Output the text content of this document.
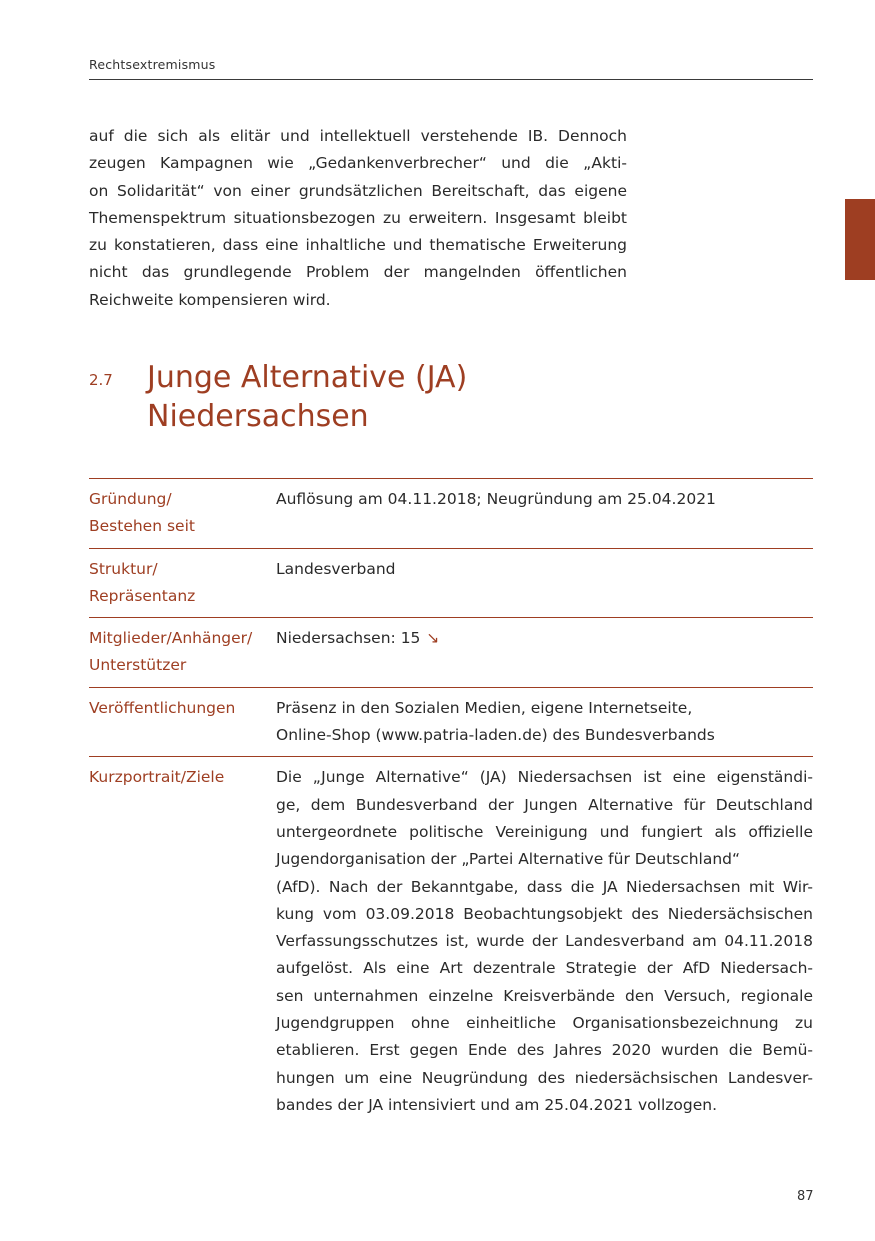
Rechtsextremismus
auf die sich als elitär und intellektuell verstehende IB. Dennoch
zeugen Kampagnen wie „Gedankenverbrecher“ und die „Akti-
on Solidarität“ von einer grundsätzlichen Bereitschaft, das eigene
Themenspektrum situationsbezogen zu erweitern. Insgesamt bleibt
zu konstatieren, dass eine inhaltliche und thematische Erweiterung
nicht das grundlegende Problem der mangelnden öffentlichen
Reichweite kompensieren wird.
2.7 Junge Alternative (JA)
Niedersachsen
Gründung/
Bestehen seit
Auflösung am 04.11.2018; Neugründung am 25.04.2021
Struktur/
Repräsentanz
Landesverband
Mitglieder/Anhänger/
Unterstützer
Niedersachsen: 15 ↘
Veröffentlichungen	Präsenz in den Sozialen Medien, eigene Internetseite,
Online-Shop (www.patria-laden.de) des Bundesverbands
Kurzportrait/Ziele	Die „Junge Alternative“ (JA) Niedersachsen ist eine eigenständi-
ge, dem Bundesverband der Jungen Alternative für Deutschland
untergeordnete politische Vereinigung und fungiert als offizielle
Jugendorganisation der „Partei Alternative für Deutschland“
(AfD). Nach der Bekanntgabe, dass die JA Niedersachsen mit Wir-
kung vom 03.09.2018 Beobachtungsobjekt des Niedersächsischen
Verfassungsschutzes ist, wurde der Landesverband am 04.11.2018
aufgelöst. Als eine Art dezentrale Strategie der AfD Niedersach-
sen unternahmen einzelne Kreisverbände den Versuch, regionale
Jugendgruppen ohne einheitliche Organisationsbezeichnung zu
etablieren. Erst gegen Ende des Jahres 2020 wurden die Bemü-
hungen um eine Neugründung des niedersächsischen Landesver-
bandes der JA intensiviert und am 25.04.2021 vollzogen.
87
